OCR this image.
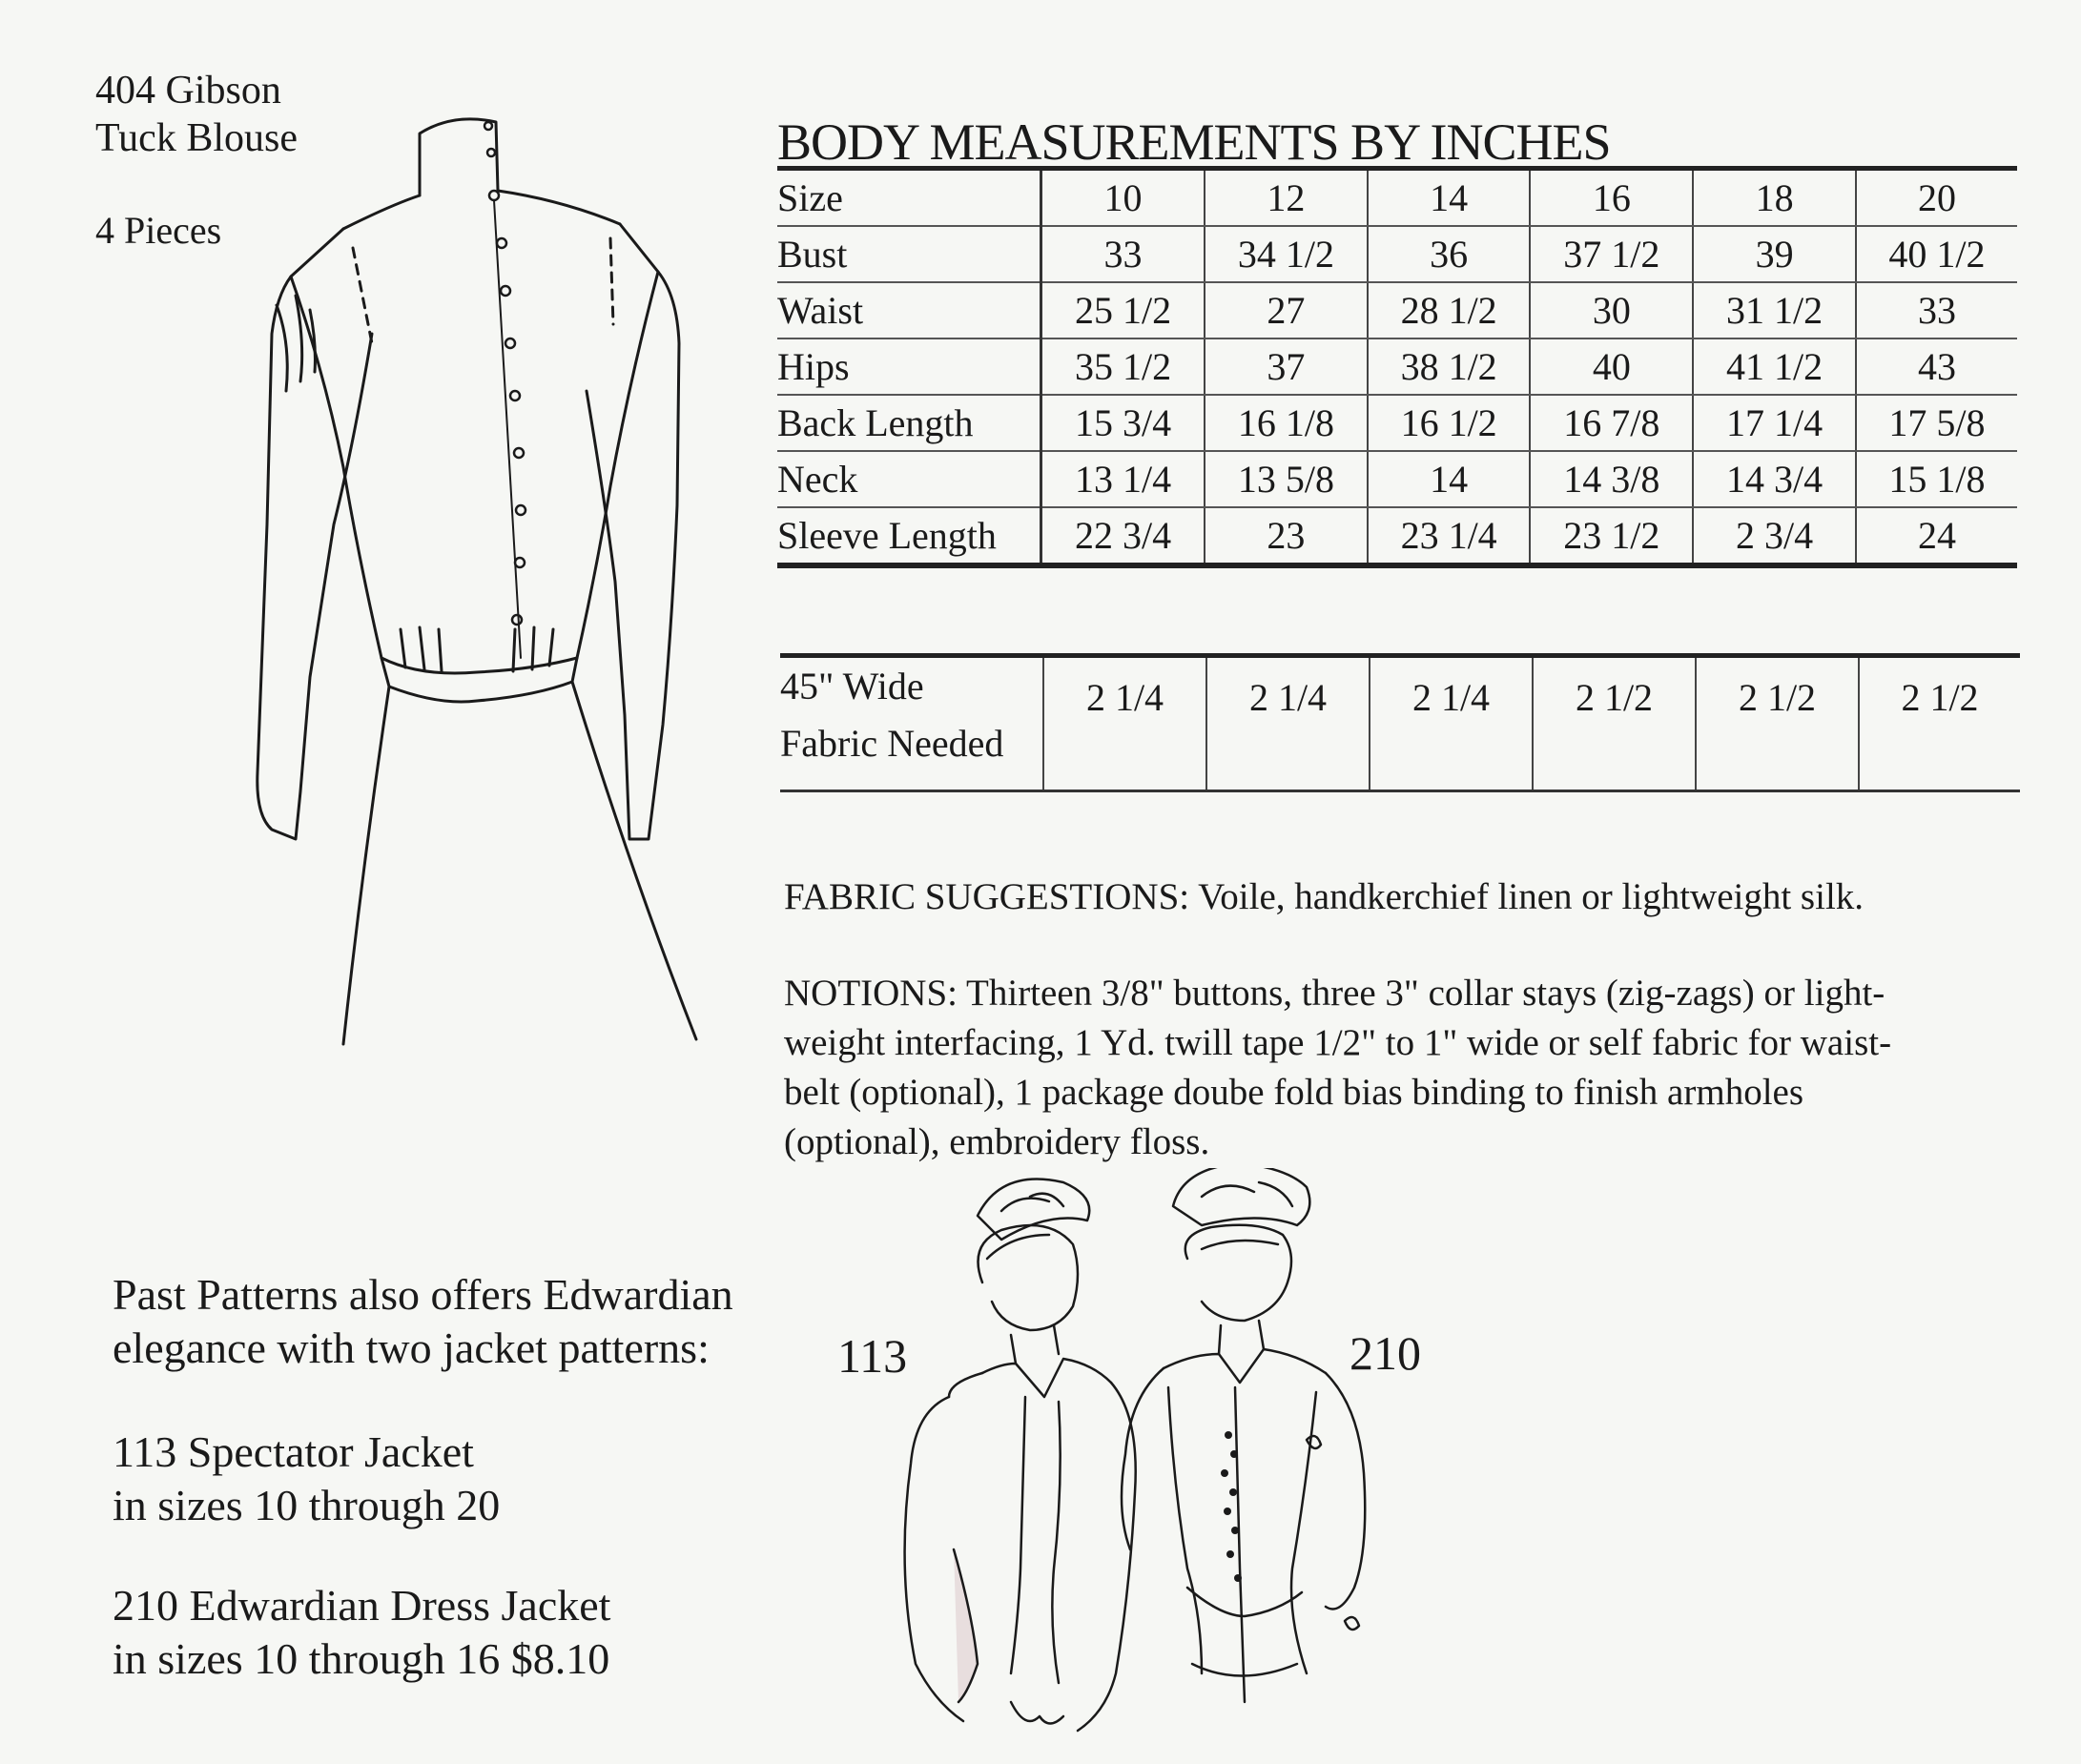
404 Gibson
Tuck Blouse
4 Pieces
BODY MEASUREMENTS BY INCHES
Size	10	12	14	16	18	20
Bust	33	34 1/2	36	37 1/2	39	40 1/2
Waist	25 1/2	27	28 1/2	30	31 1/2	33
Hips	35 1/2	37	38 1/2	40	41 1/2	43
Back Length	15 3/4	16 1/8	16 1/2	16 7/8	17 1/4	17 5/8
Neck	13 1/4	13 5/8	14	14 3/8	14 3/4	15 1/8
Sleeve Length	22 3/4	23	23 1/4	23 1/2	2 3/4	24
45" Wide
Fabric Needed
	2 1/4	2 1/4	2 1/4	2 1/2	2 1/2	2 1/2
FABRIC SUGGESTIONS: Voile, handkerchief linen or lightweight silk.
NOTIONS: Thirteen 3/8" buttons, three 3" collar stays (zig-zags) or light-
weight interfacing, 1 Yd. twill tape 1/2" to 1" wide or self fabric for waist-
belt (optional), 1 package doube fold bias binding to finish armholes
(optional), embroidery floss.
Past Patterns also offers Edwardian
elegance with two jacket patterns:
113 Spectator Jacket
in sizes 10 through 20
210 Edwardian Dress Jacket
in sizes 10 through 16 $8.10
113	210
